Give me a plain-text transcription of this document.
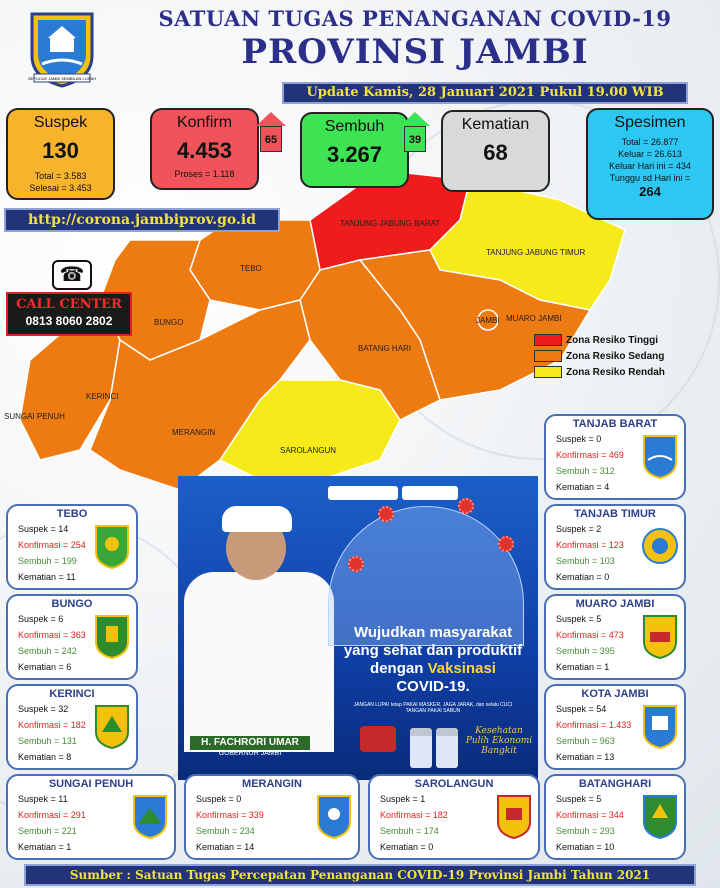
SEPUCUK JAMBI SEMBILAN LURAH
SATUAN TUGAS PENANGANAN COVID-19
PROVINSI JAMBI
Update Kamis, 28 Januari 2021 Pukul 19.00 WIB
TANJUNG JABUNG BARAT
TANJUNG JABUNG TIMUR
TEBO
BUNGO
BATANG HARI
JAMBI MUARO JAMBI
KERINCI
SUNGAI PENUH
MERANGIN
SAROLANGUN
Zona Resiko Tinggi
Zona Resiko Sedang
Zona Resiko Rendah
Suspek
130
Total = 3.583
Selesai = 3.453
Konfirm
4.453
Proses = 1.118
65
Sembuh
3.267
39
Kematian
68
Spesimen
Total = 26.877
Keluar = 26.613
Keluar Hari ini = 434
Tunggu sd Hari ini =
264
http://corona.jambiprov.go.id
☎
CALL CENTER
0813 8060 2802
H. FACHRORI UMAR
GUBERNUR JAMBI
Wujudkan masyarakat
yang sehat dan produktif
dengan Vaksinasi
COVID-19.
JANGAN LUPA! tetap PAKAI MASKER, JAGA JARAK, dan selalu CUCI TANGAN PAKAI SABUN
Kesehatan Pulih Ekonomi Bangkit
TEBO
Suspek = 14
Konfirmasi = 254
Sembuh = 199
Kematian = 11
BUNGO
Suspek = 6
Konfirmasi = 363
Sembuh = 242
Kematian = 6
KERINCI
Suspek = 32
Konfirmasi = 182
Sembuh = 131
Kematian = 8
SUNGAI PENUH
Suspek = 11
Konfirmasi = 291
Sembuh = 221
Kematian = 1
MERANGIN
Suspek = 0
Konfirmasi = 339
Sembuh = 234
Kematian = 14
SAROLANGUN
Suspek = 1
Konfirmasi = 182
Sembuh = 174
Kematian = 0
TANJAB BARAT
Suspek = 0
Konfirmasi = 469
Sembuh = 312
Kematian = 4
TANJAB TIMUR
Suspek = 2
Konfirmasi = 123
Sembuh = 103
Kematian = 0
MUARO JAMBI
Suspek = 5
Konfirmasi = 473
Sembuh = 395
Kematian = 1
KOTA JAMBI
Suspek = 54
Konfirmasi = 1.433
Sembuh = 963
Kematian = 13
BATANGHARI
Suspek = 5
Konfirmasi = 344
Sembuh = 293
Kematian = 10
Sumber : Satuan Tugas Percepatan Penanganan COVID-19 Provinsi Jambi Tahun 2021
